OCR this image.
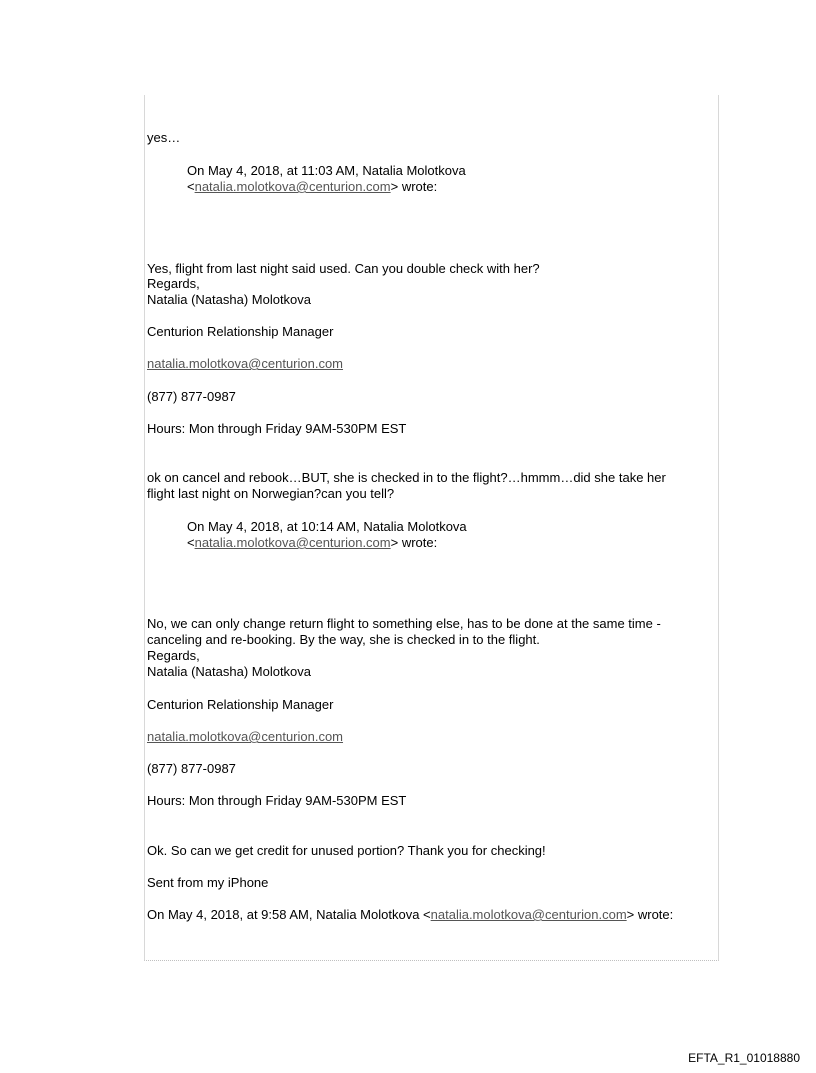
yes…

On May 4, 2018, at 11:03 AM, Natalia Molotkova

<natalia.molotkova@centurion.com> wrote:

Yes, flight from last night said used. Can you double check with her?

Regards,

Natalia (Natasha) Molotkova

Centurion Relationship Manager

natalia.molotkova@centurion.com

(877) 877-0987

Hours: Mon through Friday 9AM-530PM EST

ok on cancel and rebook…BUT, she is checked in to the flight?…hmmm…did she take her

flight last night on Norwegian?can you tell?

On May 4, 2018, at 10:14 AM, Natalia Molotkova

<natalia.molotkova@centurion.com> wrote:

No, we can only change return flight to something else, has to be done at the same time -

canceling and re-booking. By the way, she is checked in to the flight.

Regards,

Natalia (Natasha) Molotkova

Centurion Relationship Manager

natalia.molotkova@centurion.com

(877) 877-0987

Hours: Mon through Friday 9AM-530PM EST

Ok. So can we get credit for unused portion? Thank you for checking!

Sent from my iPhone

On May 4, 2018, at 9:58 AM, Natalia Molotkova <natalia.molotkova@centurion.com> wrote:

EFTA_R1_01018880
